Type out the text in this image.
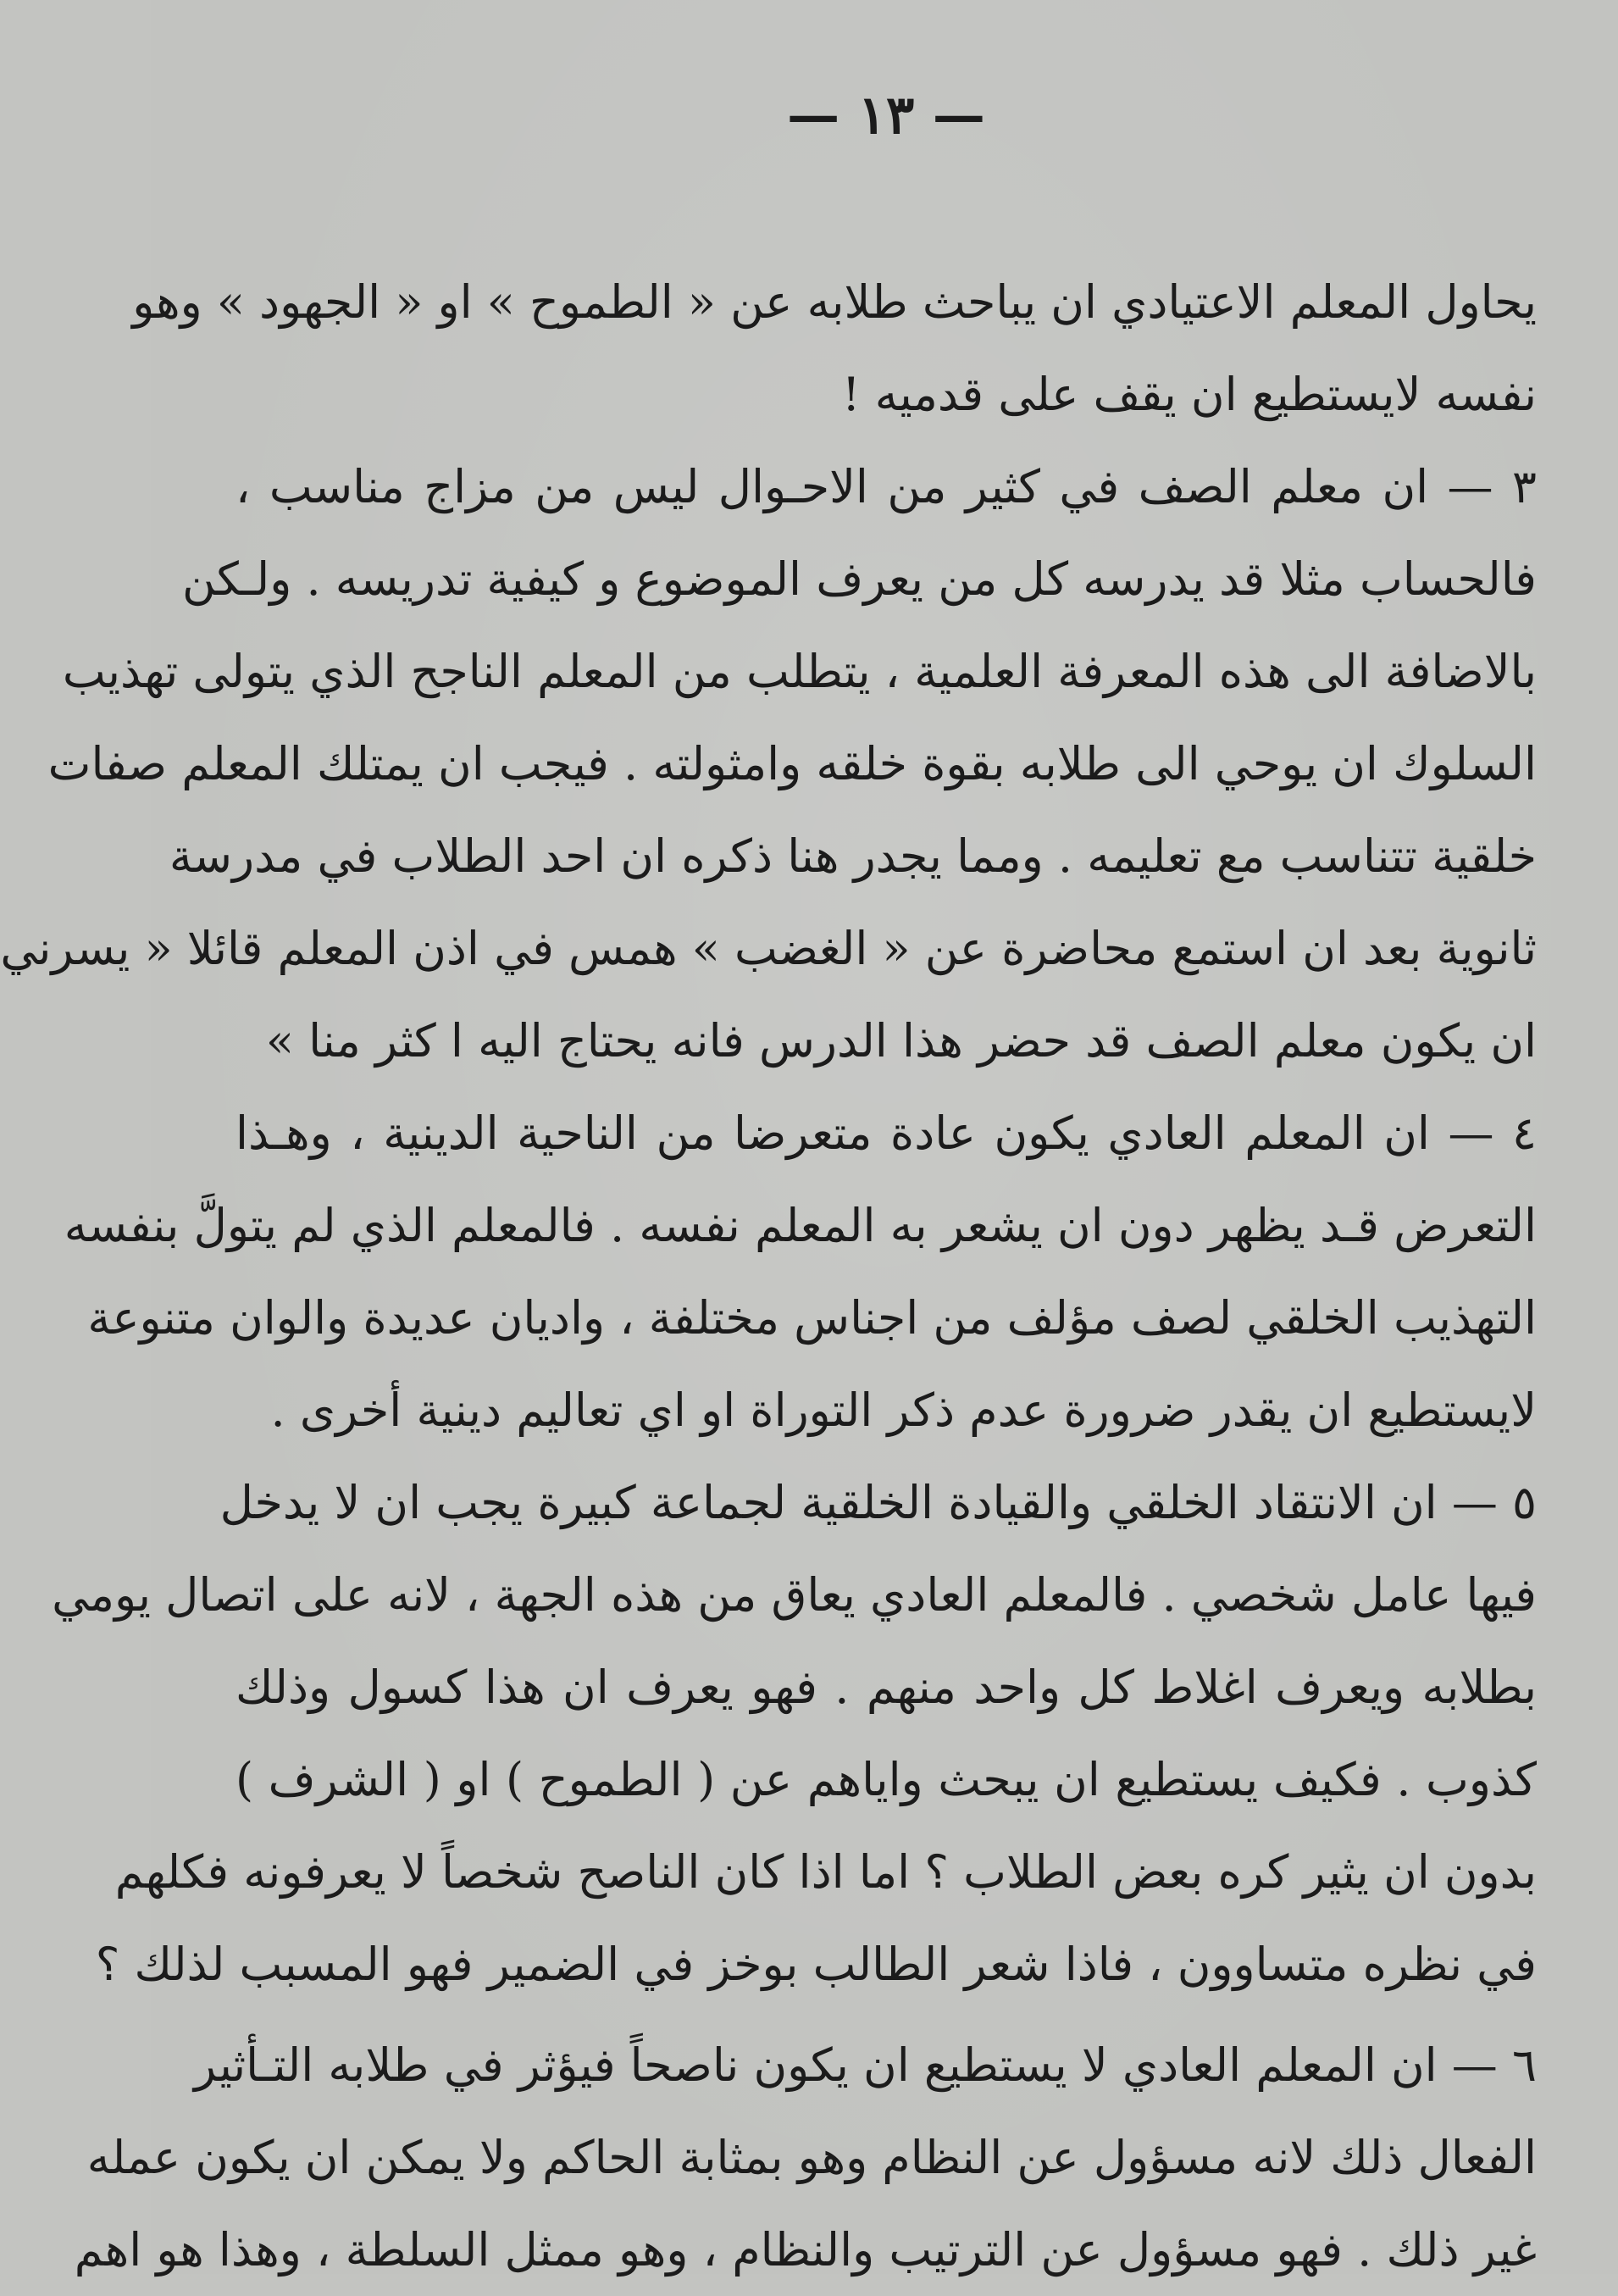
— ١٣ —
يحاول المعلم الاعتيادي ان يباحث طلابه عن « الطموح » او « الجهود » وهو
نفسه لايستطيع ان يقف على قدميه !
٣ — ان معلم الصف في كثير من الاحـوال ليس من مزاج مناسب ،
فالحساب مثلا قد يدرسه كل من يعرف الموضوع و كيفية تدريسه . ولـكن
بالاضافة الى هذه المعرفة العلمية ، يتطلب من المعلم الناجح الذي يتولى تهذيب
السلوك ان يوحي الى طلابه بقوة خلقه وامثولته . فيجب ان يمتلك المعلم صفات
خلقية تتناسب مع تعليمه . ومما يجدر هنا ذكره ان احد الطلاب في مدرسة
ثانوية بعد ان استمع محاضرة عن « الغضب » همس في اذن المعلم قائلا « يسرني
ان يكون معلم الصف قد حضر هذا الدرس فانه يحتاج اليه ا كثر منا »
٤ — ان المعلم العادي يكون عادة متعرضا من الناحية الدينية ، وهـذا
التعرض قـد يظهر دون ان يشعر به المعلم نفسه . فالمعلم الذي لم يتولَّ بنفسه
التهذيب الخلقي لصف مؤلف من اجناس مختلفة ، واديان عديدة والوان متنوعة
لايستطيع ان يقدر ضرورة عدم ذكر التوراة او اي تعاليم دينية أخرى .
٥ — ان الانتقاد الخلقي والقيادة الخلقية لجماعة كبيرة يجب ان لا يدخل
فيها عامل شخصي . فالمعلم العادي يعاق من هذه الجهة ، لانه على اتصال يومي
بطلابه ويعرف اغلاط كل واحد منهم . فهو يعرف ان هذا كسول وذلك
كذوب . فكيف يستطيع ان يبحث واياهم عن ( الطموح ) او ( الشرف )
بدون ان يثير كره بعض الطلاب ؟ اما اذا كان الناصح شخصاً لا يعرفونه فكلهم
في نظره متساوون ، فاذا شعر الطالب بوخز في الضمير فهو المسبب لذلك ؟
٦ — ان المعلم العادي لا يستطيع ان يكون ناصحاً فيؤثر في طلابه التـأثير
الفعال ذلك لانه مسؤول عن النظام وهو بمثابة الحاكم ولا يمكن ان يكون عمله
غير ذلك . فهو مسؤول عن الترتيب والنظام ، وهو ممثل السلطة ، وهذا هو اهم
